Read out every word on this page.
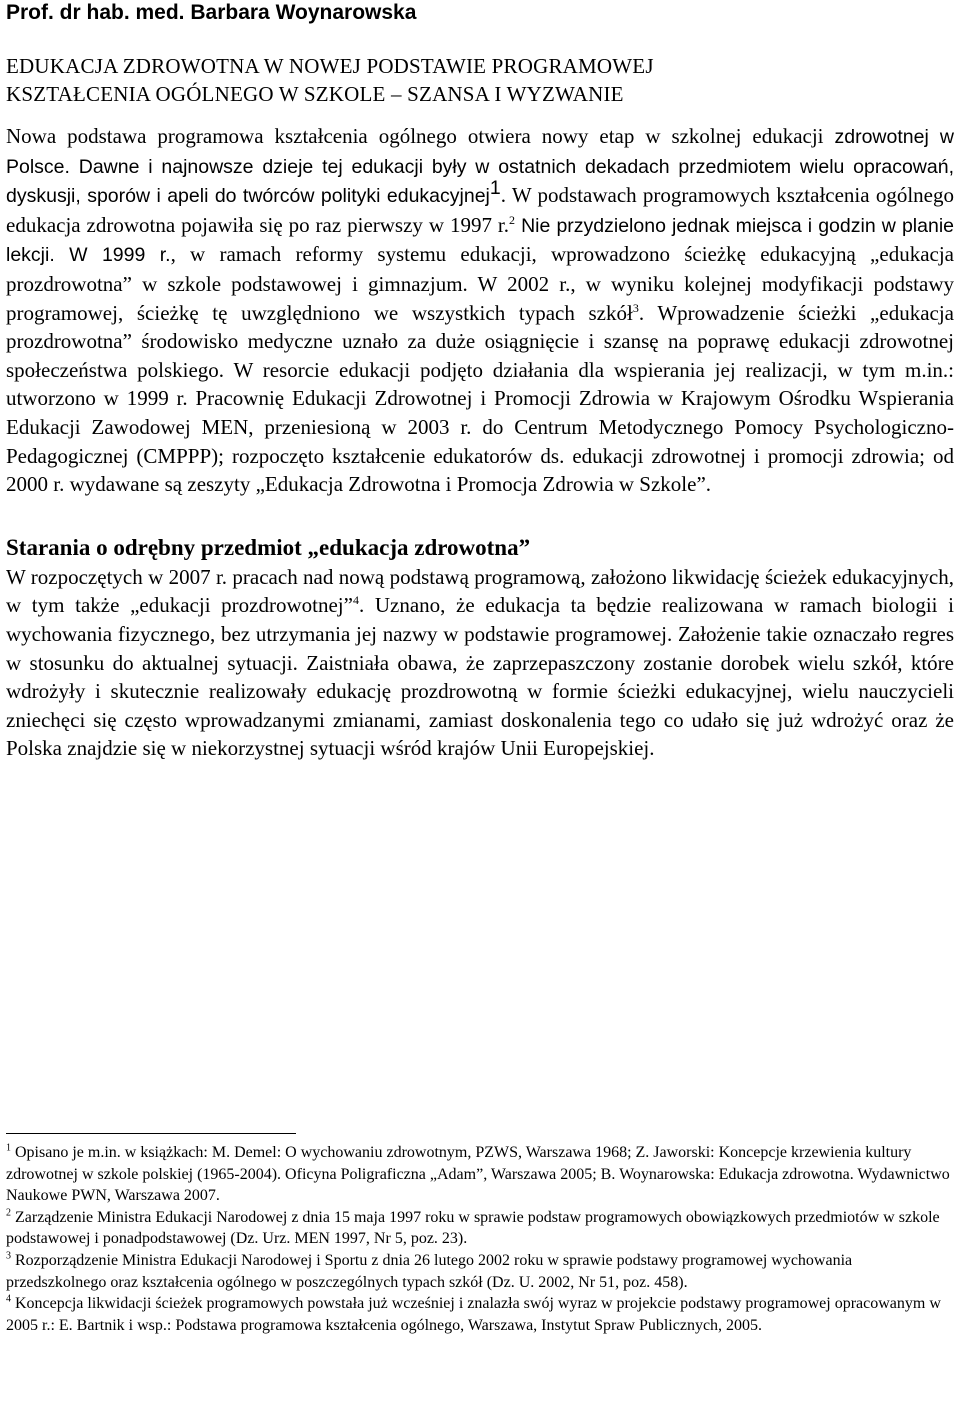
Prof. dr hab. med. Barbara Woynarowska

EDUKACJA ZDROWOTNA W NOWEJ PODSTAWIE PROGRAMOWEJ
KSZTAŁCENIA OGÓLNEGO W SZKOLE – SZANSA I WYZWANIE

Nowa podstawa programowa kształcenia ogólnego otwiera nowy etap w szkolnej edukacji zdrowotnej w Polsce. Dawne i najnowsze dzieje tej edukacji były w ostatnich dekadach przedmiotem wielu opracowań, dyskusji, sporów i apeli do twórców polityki edukacyjnej$^1$. W podstawach programowych kształcenia ogólnego edukacja zdrowotna pojawiła się po raz pierwszy w 1997 r.$^2$ Nie przydzielono jednak miejsca i godzin w planie lekcji. W 1999 r., w ramach reformy systemu edukacji, wprowadzono ścieżkę edukacyjną „edukacja prozdrowotna” w szkole podstawowej i gimnazjum. W 2002 r., w wyniku kolejnej modyfikacji podstawy programowej, ścieżkę tę uwzględniono we wszystkich typach szkół$^3$. Wprowadzenie ścieżki „edukacja prozdrowotna” środowisko medyczne uznało za duże osiągnięcie i szansę na poprawę edukacji zdrowotnej społeczeństwa polskiego. W resorcie edukacji podjęto działania dla wspierania jej realizacji, w tym m.in.: utworzono w 1999 r. Pracownię Edukacji Zdrowotnej i Promocji Zdrowia w Krajowym Ośrodku Wspierania Edukacji Zawodowej MEN, przeniesioną w 2003 r. do Centrum Metodycznego Pomocy Psychologiczno-Pedagogicznej (CMPPP); rozpoczęto kształcenie edukatorów ds. edukacji zdrowotnej i promocji zdrowia; od 2000 r. wydawane są zeszyty „Edukacja Zdrowotna i Promocja Zdrowia w Szkole”.

Starania o odrębny przedmiot „edukacja zdrowotna”

W rozpoczętych w 2007 r. pracach nad nową podstawą programową, założono likwidację ścieżek edukacyjnych, w tym także „edukacji prozdrowotnej”$^4$. Uznano, że edukacja ta będzie realizowana w ramach biologii i wychowania fizycznego, bez utrzymania jej nazwy w podstawie programowej. Założenie takie oznaczało regres w stosunku do aktualnej sytuacji. Zaistniała obawa, że zaprzepaszczony zostanie dorobek wielu szkół, które wdrożyły i skutecznie realizowały edukację prozdrowotną w formie ścieżki edukacyjnej, wielu nauczycieli zniechęci się często wprowadzanymi zmianami, zamiast doskonalenia tego co udało się już wdrożyć oraz że Polska znajdzie się w niekorzystnej sytuacji wśród krajów Unii Europejskiej.

$^1$ Opisano je m.in. w książkach: M. Demel: O wychowaniu zdrowotnym, PZWS, Warszawa 1968; Z. Jaworski: Koncepcje krzewienia kultury zdrowotnej w szkole polskiej (1965-2004). Oficyna Poligraficzna „Adam”, Warszawa 2005; B. Woynarowska: Edukacja zdrowotna. Wydawnictwo Naukowe PWN, Warszawa 2007.

$^2$ Zarządzenie Ministra Edukacji Narodowej z dnia 15 maja 1997 roku w sprawie podstaw programowych obowiązkowych przedmiotów w szkole podstawowej i ponadpodstawowej (Dz. Urz. MEN 1997, Nr 5, poz. 23).

$^3$ Rozporządzenie Ministra Edukacji Narodowej i Sportu z dnia 26 lutego 2002 roku w sprawie podstawy programowej wychowania przedszkolnego oraz kształcenia ogólnego w poszczególnych typach szkół (Dz. U. 2002, Nr 51, poz. 458).

$^4$ Koncepcja likwidacji ścieżek programowych powstała już wcześniej i znalazła swój wyraz w projekcie podstawy programowej opracowanym w 2005 r.: E. Bartnik i wsp.: Podstawa programowa kształcenia ogólnego, Warszawa, Instytut Spraw Publicznych, 2005.
